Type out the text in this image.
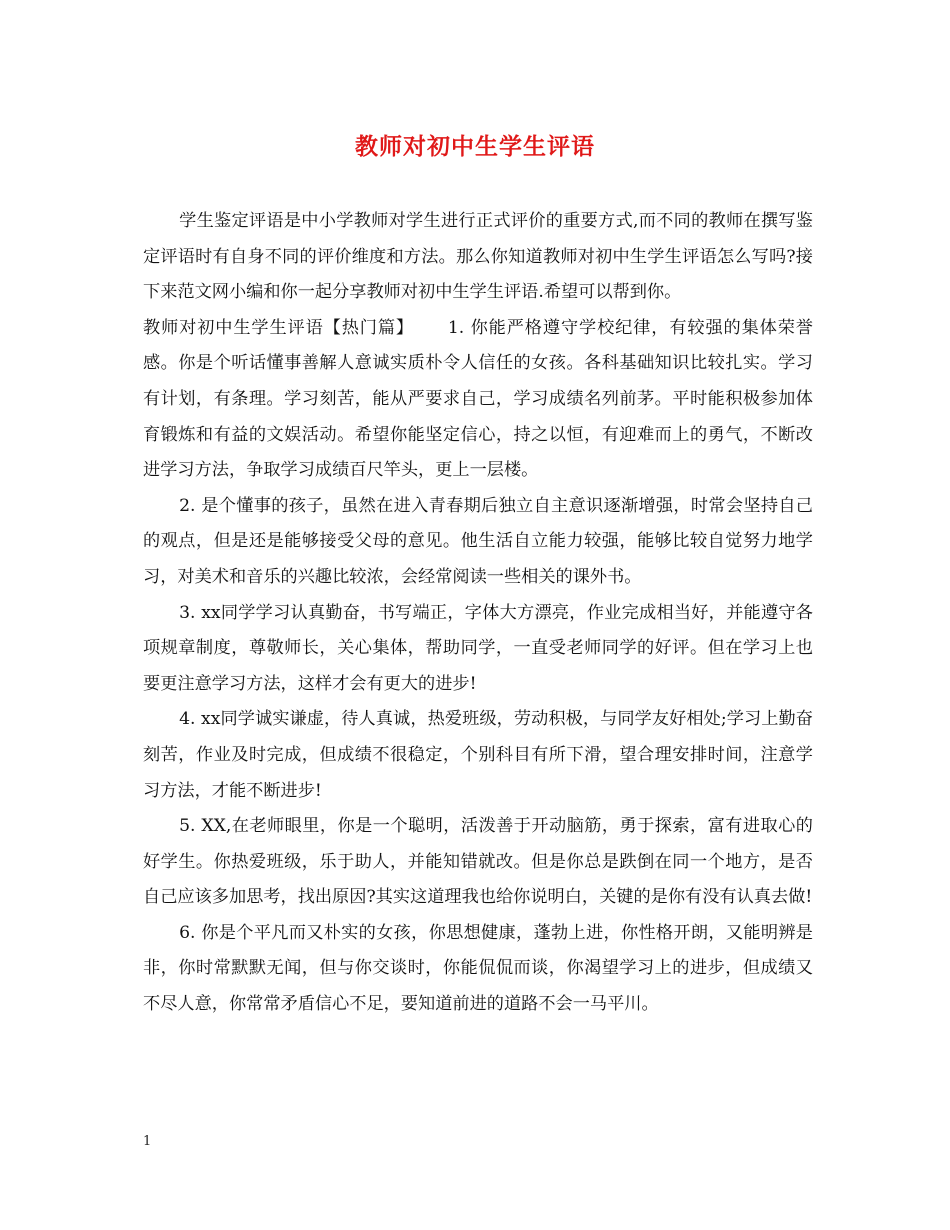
教师对初中生学生评语

学生鉴定评语是中小学教师对学生进行正式评价的重要方式,而不同的教师在撰写鉴定评语时有自身不同的评价维度和方法。那么你知道教师对初中生学生评语怎么写吗?接下来范文网小编和你一起分享教师对初中生学生评语.希望可以帮到你。

教师对初中生学生评语【热门篇】　　 1. 你能严格遵守学校纪律，有较强的集体荣誉感。你是个听话懂事善解人意诚实质朴令人信任的女孩。各科基础知识比较扎实。学习有计划，有条理。学习刻苦，能从严要求自己，学习成绩名列前茅。平时能积极参加体育锻炼和有益的文娱活动。希望你能坚定信心，持之以恒，有迎难而上的勇气，不断改进学习方法，争取学习成绩百尺竿头，更上一层楼。

2. 是个懂事的孩子，虽然在进入青春期后独立自主意识逐渐增强，时常会坚持自己的观点，但是还是能够接受父母的意见。他生活自立能力较强，能够比较自觉努力地学习，对美术和音乐的兴趣比较浓，会经常阅读一些相关的课外书。

3. xx同学学习认真勤奋，书写端正，字体大方漂亮，作业完成相当好，并能遵守各项规章制度，尊敬师长，关心集体，帮助同学，一直受老师同学的好评。但在学习上也要更注意学习方法，这样才会有更大的进步!

4. xx同学诚实谦虚，待人真诚，热爱班级，劳动积极，与同学友好相处;学习上勤奋刻苦，作业及时完成，但成绩不很稳定，个别科目有所下滑，望合理安排时间，注意学习方法，才能不断进步!

5. XX,在老师眼里，你是一个聪明，活泼善于开动脑筋，勇于探索，富有进取心的好学生。你热爱班级，乐于助人，并能知错就改。但是你总是跌倒在同一个地方，是否自己应该多加思考，找出原因?其实这道理我也给你说明白，关键的是你有没有认真去做!

6. 你是个平凡而又朴实的女孩，你思想健康，蓬勃上进，你性格开朗，又能明辨是非，你时常默默无闻，但与你交谈时，你能侃侃而谈，你渴望学习上的进步，但成绩又不尽人意，你常常矛盾信心不足，要知道前进的道路不会一马平川。

1
